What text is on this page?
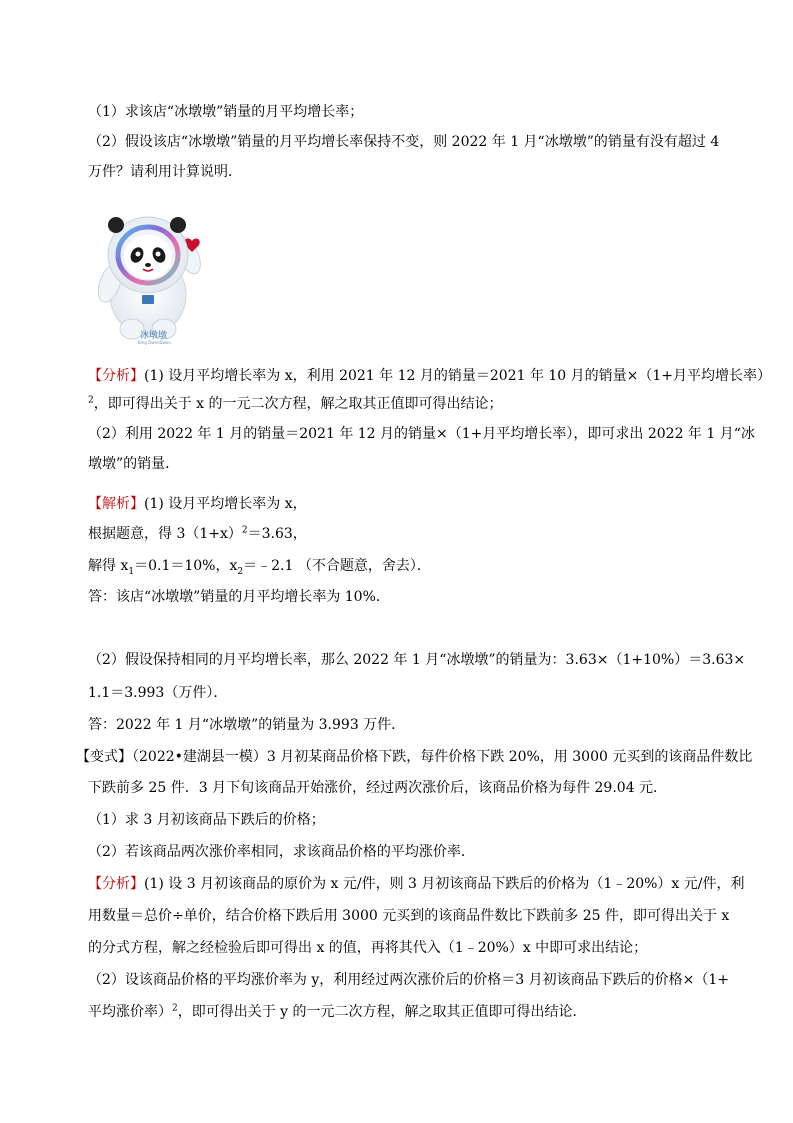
（1）求该店“冰墩墩”销量的月平均增长率；
（2）假设该店“冰墩墩”销量的月平均增长率保持不变，则 2022 年 1 月“冰墩墩”的销量有没有超过 4
万件？请利用计算说明．
冰墩墩
Bing DwenDwen
【分析】(1) 设月平均增长率为 x，利用 2021 年 12 月的销量＝2021 年 10 月的销量×（1+月平均增长率）
$^2$，即可得出关于 x 的一元二次方程，解之取其正值即可得出结论；
（2）利用 2022 年 1 月的销量＝2021 年 12 月的销量×（1+月平均增长率），即可求出 2022 年 1 月“冰
墩墩”的销量．
【解析】(1) 设月平均增长率为 x，
根据题意，得 $3(1+x)^2=3.63$，
解得 $x_1=0.1=10\%$，$x_2=﹣2.1$ （不合题意，舍去）．
答：该店“冰墩墩”销量的月平均增长率为 10%．
（2）假设保持相同的月平均增长率，那么 2022 年 1 月“冰墩墩”的销量为：3.63×（1+10%）＝3.63×
1.1＝3.993（万件）．
答：2022 年 1 月“冰墩墩”的销量为 3.993 万件．
【变式】（2022•建湖县一模）3 月初某商品价格下跌，每件价格下跌 20%，用 3000 元买到的该商品件数比
下跌前多 25 件．3 月下旬该商品开始涨价，经过两次涨价后，该商品价格为每件 29.04 元．
（1）求 3 月初该商品下跌后的价格；
（2）若该商品两次涨价率相同，求该商品价格的平均涨价率．
【分析】(1) 设 3 月初该商品的原价为 x 元/件，则 3 月初该商品下跌后的价格为（1﹣20%）x 元/件，利
用数量＝总价÷单价，结合价格下跌后用 3000 元买到的该商品件数比下跌前多 25 件，即可得出关于 x
的分式方程，解之经检验后即可得出 x 的值，再将其代入（1﹣20%）x 中即可求出结论；
（2）设该商品价格的平均涨价率为 y，利用经过两次涨价后的价格＝3 月初该商品下跌后的价格×（1+
平均涨价率）$^2$，即可得出关于 y 的一元二次方程，解之取其正值即可得出结论．
